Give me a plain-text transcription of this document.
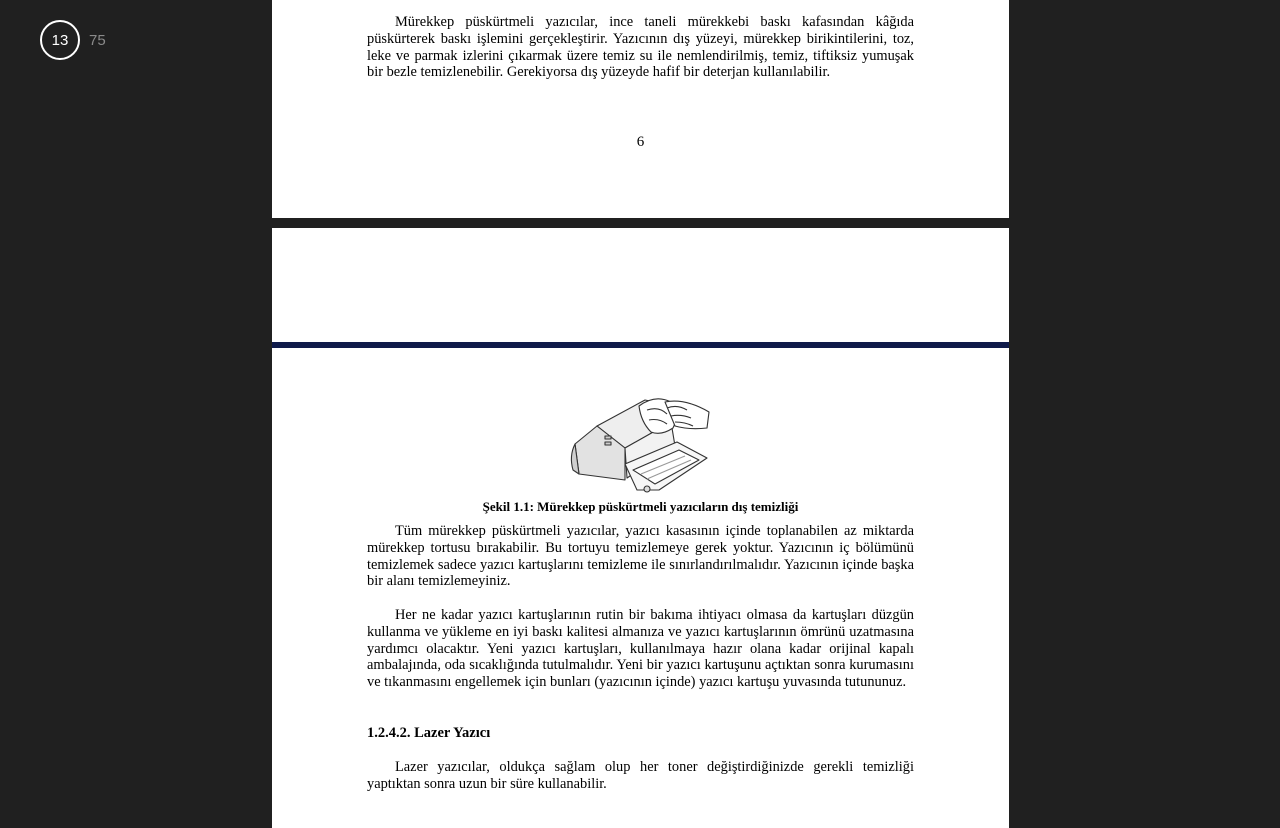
13	75

Mürekkep püskürtmeli yazıcılar, ince taneli mürekkebi baskı kafasından kâğıda püskürterek baskı işlemini gerçekleştirir. Yazıcının dış yüzeyi, mürekkep birikintilerini, toz, leke ve parmak izlerini çıkarmak üzere temiz su ile nemlendirilmiş, temiz, tiftiksiz yumuşak bir bezle temizlenebilir. Gerekiyorsa dış yüzeyde hafif bir deterjan kullanılabilir.

6
Şekil 1.1: Mürekkep püskürtmeli yazıcıların dış temizliği

Tüm mürekkep püskürtmeli yazıcılar, yazıcı kasasının içinde toplanabilen az miktarda mürekkep tortusu bırakabilir. Bu tortuyu temizlemeye gerek yoktur. Yazıcının iç bölümünü temizlemek sadece yazıcı kartuşlarını temizleme ile sınırlandırılmalıdır. Yazıcının içinde başka bir alanı temizlemeyiniz.

Her ne kadar yazıcı kartuşlarının rutin bir bakıma ihtiyacı olmasa da kartuşları düzgün kullanma ve yükleme en iyi baskı kalitesi almanıza ve yazıcı kartuşlarının ömrünü uzatmasına yardımcı olacaktır. Yeni yazıcı kartuşları, kullanılmaya hazır olana kadar orijinal kapalı ambalajında, oda sıcaklığında tutulmalıdır. Yeni bir yazıcı kartuşunu açtıktan sonra kurumasını ve tıkanmasını engellemek için bunları (yazıcının içinde) yazıcı kartuşu yuvasında tutununuz.

1.2.4.2. Lazer Yazıcı

Lazer yazıcılar, oldukça sağlam olup her toner değiştirdiğinizde gerekli temizliği yaptıktan sonra uzun bir süre kullanabilir.
